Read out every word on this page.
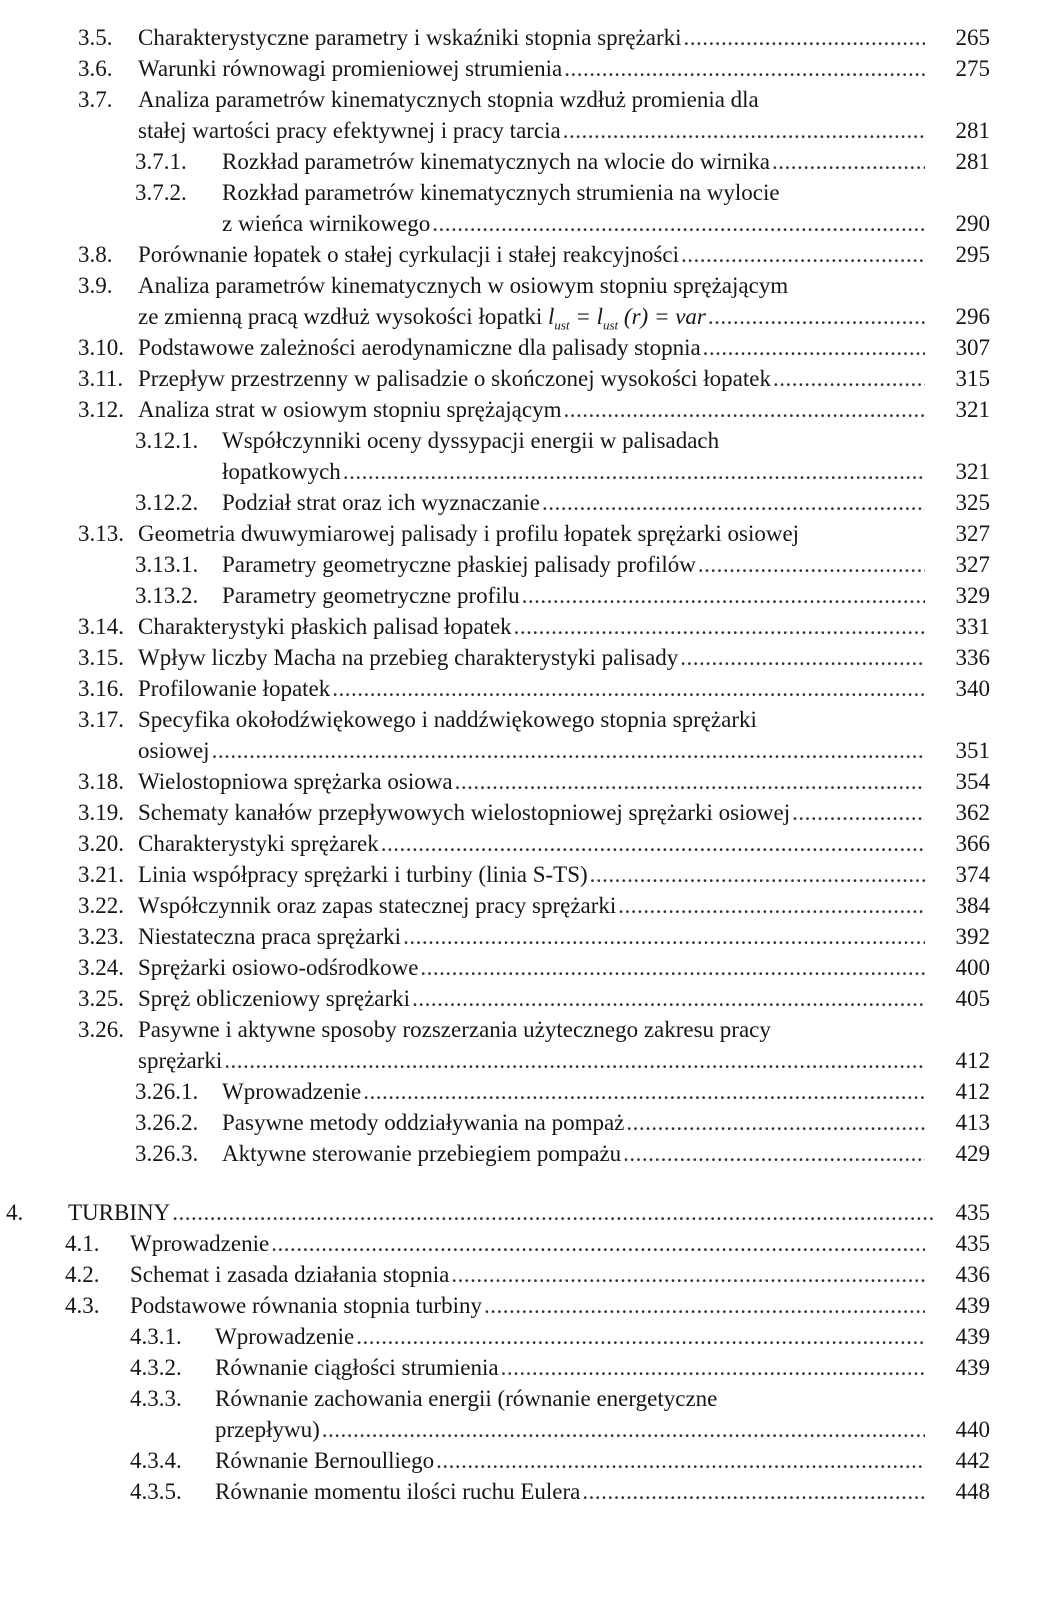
3.5. Charakterystyczne parametry i wskaźniki stopnia sprężarki .....	265
3.6. Warunki równowagi promieniowej strumienia .....	275
3.7. Analiza parametrów kinematycznych stopnia wzdłuż promienia dla
stałej wartości pracy efektywnej i pracy tarcia .....	281
3.7.1. Rozkład parametrów kinematycznych na wlocie do wirnika .....	281
3.7.2. Rozkład parametrów kinematycznych strumienia na wylocie
z wieńca wirnikowego .....	290
3.8. Porównanie łopatek o stałej cyrkulacji i stałej reakcyjności .....	295
3.9. Analiza parametrów kinematycznych w osiowym stopniu sprężającym
ze zmienną pracą wzdłuż wysokości łopatki $l_{ust} = l_{ust}$ (r) = var .....	296
3.10. Podstawowe zależności aerodynamiczne dla palisady stopnia .....	307
3.11. Przepływ przestrzenny w palisadzie o skończonej wysokości łopatek .....	315
3.12. Analiza strat w osiowym stopniu sprężającym .....	321
3.12.1. Współczynniki oceny dyssypacji energii w palisadach
łopatkowych .....	321
3.12.2. Podział strat oraz ich wyznaczanie .....	325
3.13. Geometria dwuwymiarowej palisady i profilu łopatek sprężarki osiowej	327
3.13.1. Parametry geometryczne płaskiej palisady profilów .....	327
3.13.2. Parametry geometryczne profilu .....	329
3.14. Charakterystyki płaskich palisad łopatek .....	331
3.15. Wpływ liczby Macha na przebieg charakterystyki palisady .....	336
3.16. Profilowanie łopatek .....	340
3.17. Specyfika okołodźwiękowego i naddźwiękowego stopnia sprężarki
osiowej .....	351
3.18. Wielostopniowa sprężarka osiowa .....	354
3.19. Schematy kanałów przepływowych wielostopniowej sprężarki osiowej .....	362
3.20. Charakterystyki sprężarek .....	366
3.21. Linia współpracy sprężarki i turbiny (linia S-TS) .....	374
3.22. Współczynnik oraz zapas statecznej pracy sprężarki .....	384
3.23. Niestateczna praca sprężarki .....	392
3.24. Sprężarki osiowo-odśrodkowe .....	400
3.25. Spręż obliczeniowy sprężarki .....	405
3.26. Pasywne i aktywne sposoby rozszerzania użytecznego zakresu pracy
sprężarki .....	412
3.26.1. Wprowadzenie .....	412
3.26.2. Pasywne metody oddziaływania na pompaż .....	413
3.26.3. Aktywne sterowanie przebiegiem pompażu .....	429
4. TURBINY .....	435
4.1. Wprowadzenie .....	435
4.2. Schemat i zasada działania stopnia .....	436
4.3. Podstawowe równania stopnia turbiny .....	439
4.3.1. Wprowadzenie .....	439
4.3.2. Równanie ciągłości strumienia .....	439
4.3.3. Równanie zachowania energii (równanie energetyczne
przepływu) .....	440
4.3.4. Równanie Bernoulliego .....	442
4.3.5. Równanie momentu ilości ruchu Eulera .....	448
